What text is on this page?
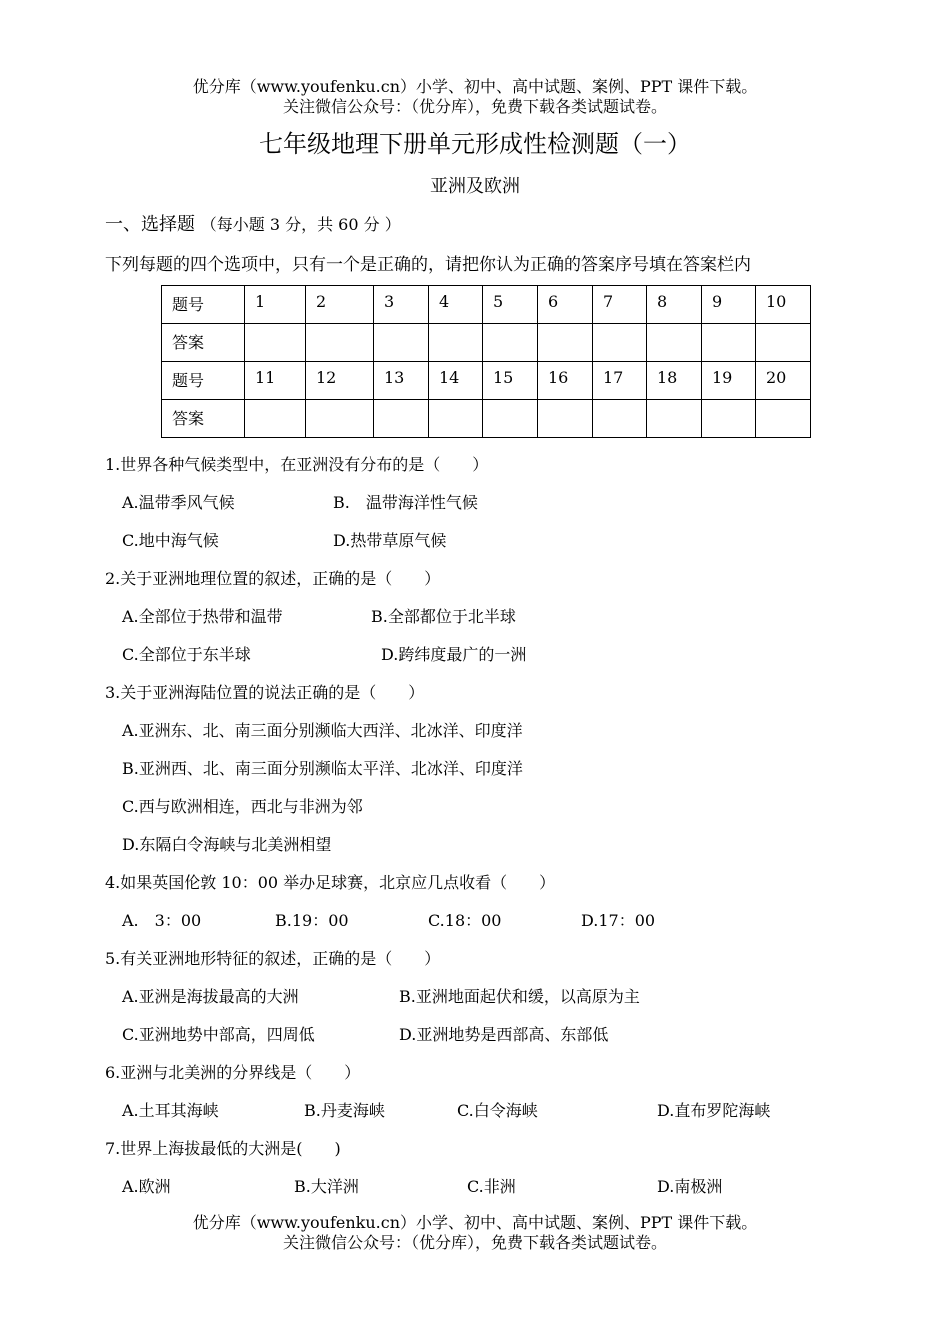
优分库（www.youfenku.cn）小学、初中、高中试题、案例、PPT 课件下载。
关注微信公众号：（优分库），免费下载各类试题试卷。
七年级地理下册单元形成性检测题（一）
亚洲及欧洲
一、选择题 （每小题 3 分，共 60 分 ）
下列每题的四个选项中，只有一个是正确的，请把你认为正确的答案序号填在答案栏内
题号	1	2	3	4	5	6	7	8	9	10
答案										
题号	11	12	13	14	15	16	17	18	19	20
答案										
1.世界各种气候类型中，在亚洲没有分布的是（　　）
A.温带季风气候	B.　温带海洋性气候
C.地中海气候	D.热带草原气候
2.关于亚洲地理位置的叙述，正确的是（　　）
A.全部位于热带和温带	B.全部都位于北半球
C.全部位于东半球	D.跨纬度最广的一洲
3.关于亚洲海陆位置的说法正确的是（　　）
A.亚洲东、北、南三面分别濒临大西洋、北冰洋、印度洋
B.亚洲西、北、南三面分别濒临太平洋、北冰洋、印度洋
C.西与欧洲相连，西北与非洲为邻
D.东隔白令海峡与北美洲相望
4.如果英国伦敦 10：00 举办足球赛，北京应几点收看（　　）
A.　3：00	B.19：00	C.18：00	D.17：00
5.有关亚洲地形特征的叙述，正确的是（　　）
A.亚洲是海拔最高的大洲	B.亚洲地面起伏和缓，以高原为主
C.亚洲地势中部高，四周低	D.亚洲地势是西部高、东部低
6.亚洲与北美洲的分界线是（　　）
A.土耳其海峡	B.丹麦海峡	C.白令海峡	D.直布罗陀海峡
7.世界上海拔最低的大洲是(　　)
A.欧洲	B.大洋洲	C.非洲	D.南极洲
优分库（www.youfenku.cn）小学、初中、高中试题、案例、PPT 课件下载。
关注微信公众号：（优分库），免费下载各类试题试卷。
